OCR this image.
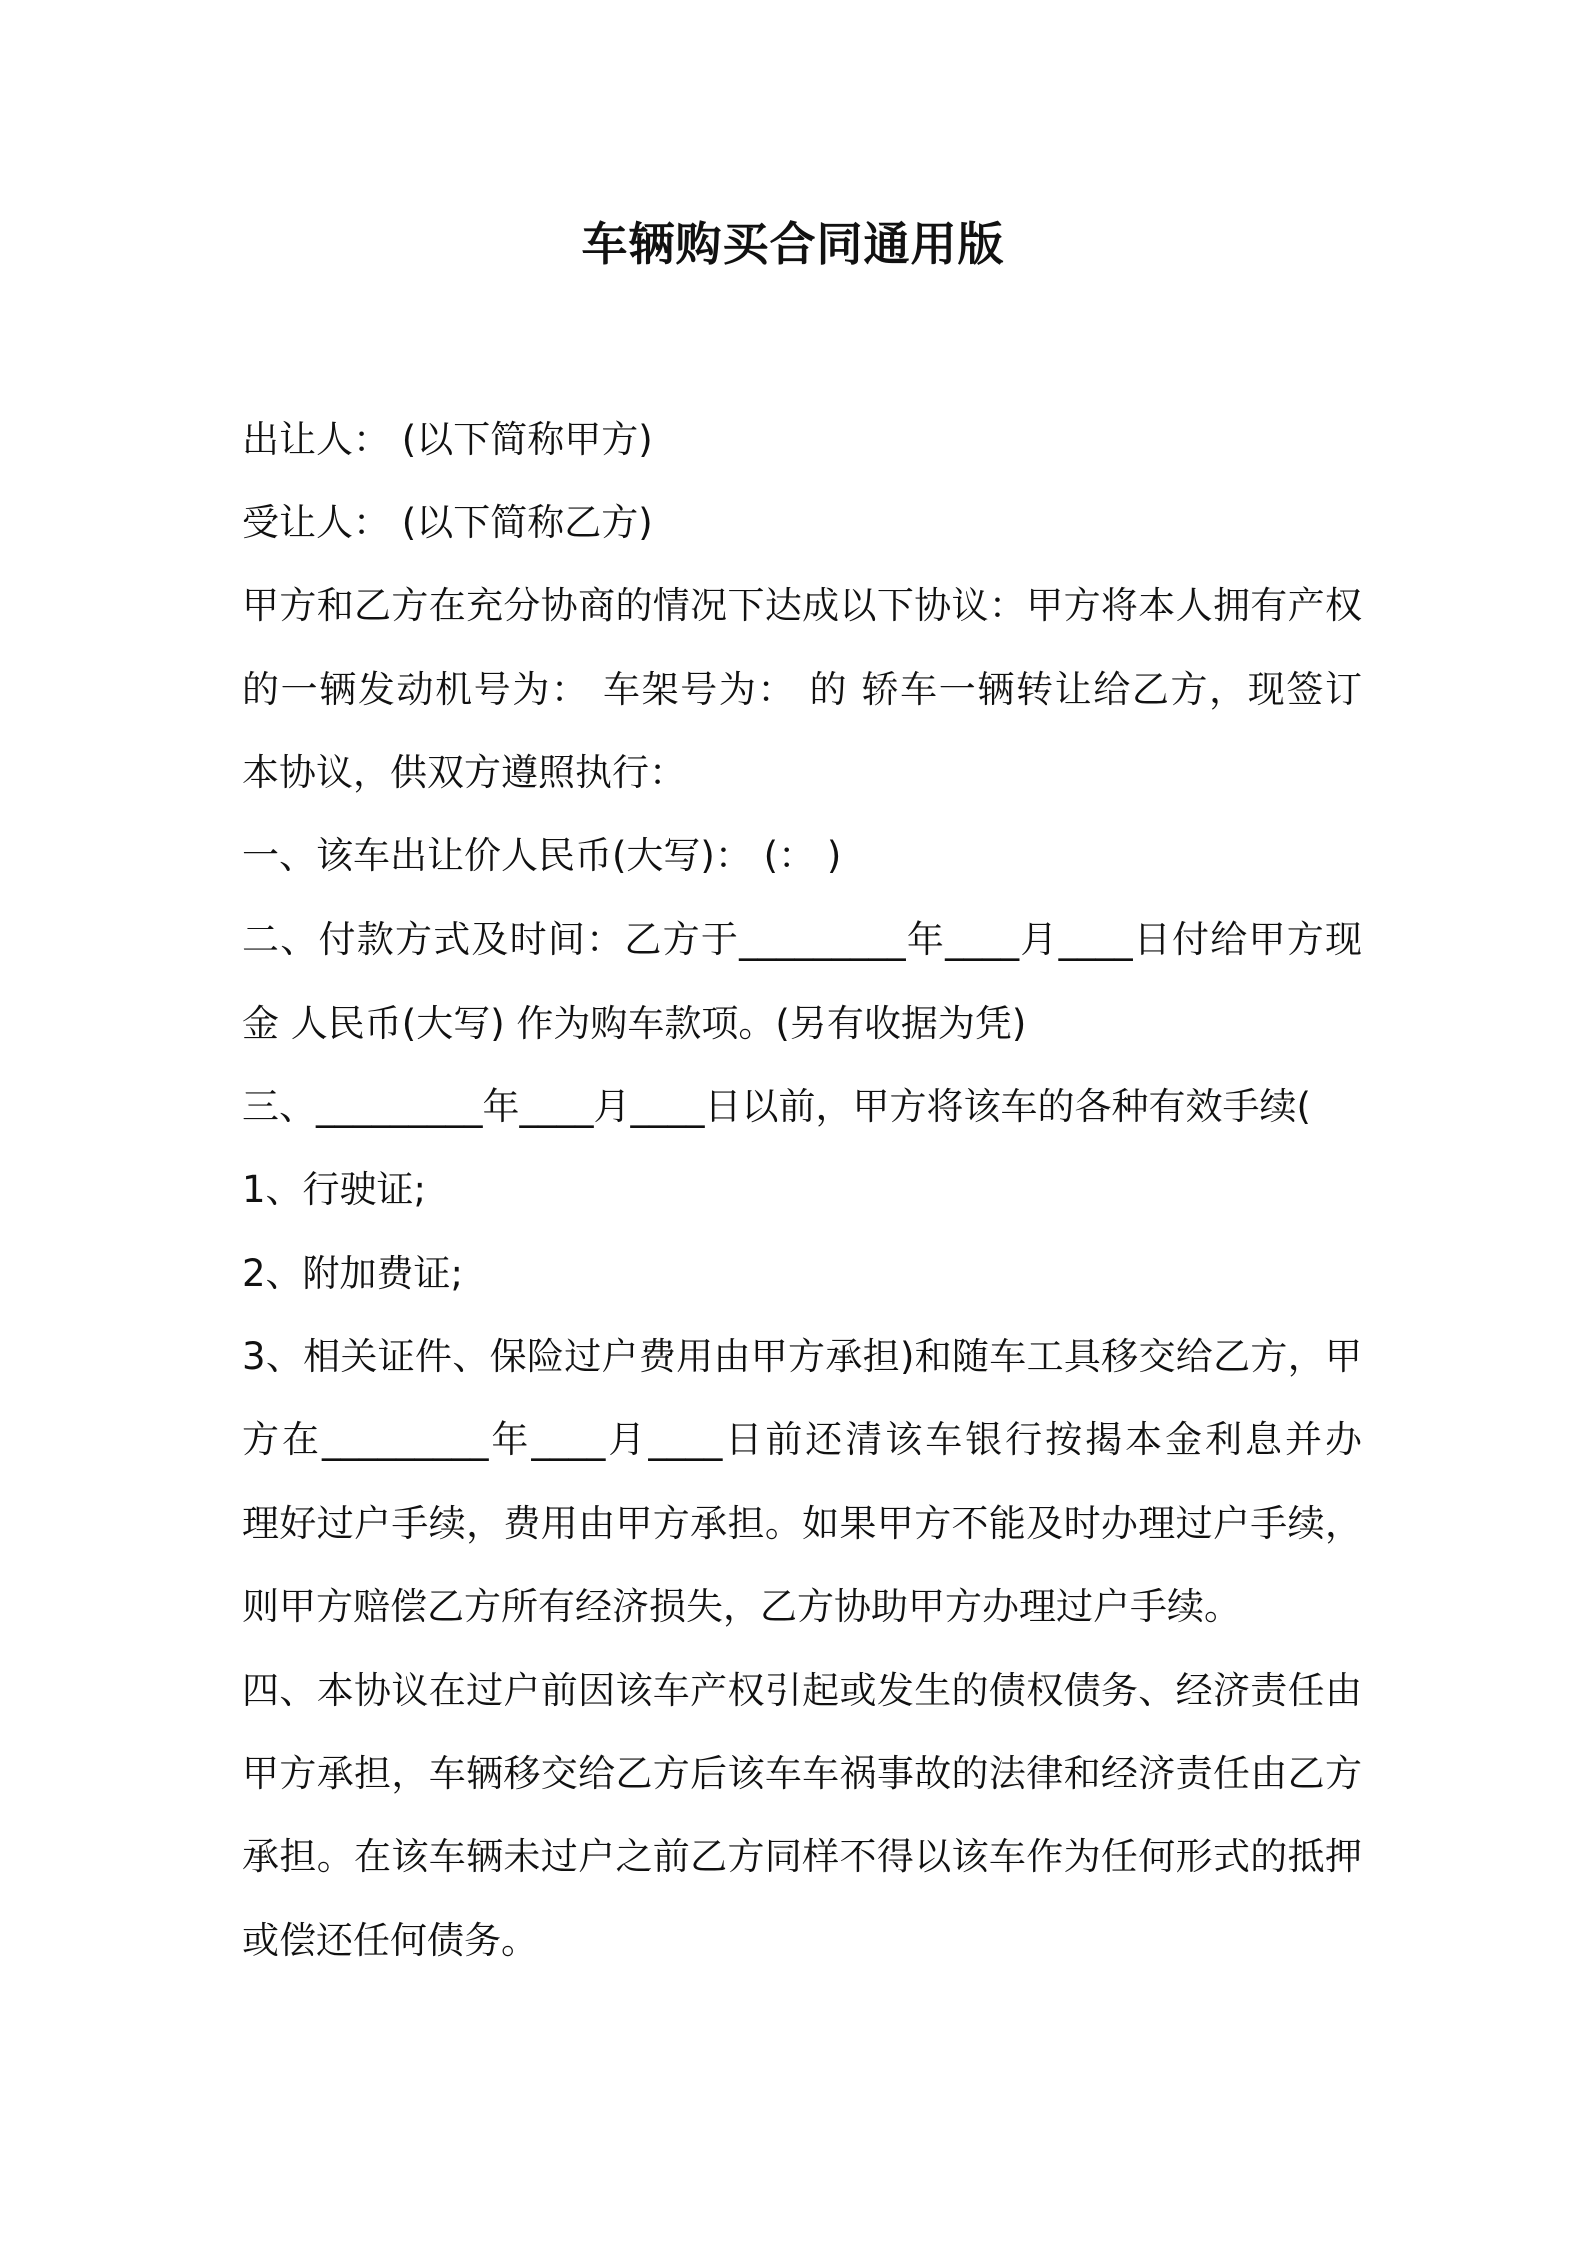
车辆购买合同通用版

出让人： (以下简称甲方)

受让人： (以下简称乙方)

甲方和乙方在充分协商的情况下达成以下协议：甲方将本人拥有产权

的一辆发动机号为： 车架号为： 的 轿车一辆转让给乙方，现签订

本协议，供双方遵照执行：

一、该车出让价人民币(大写)： (： )

二、付款方式及时间：乙方于_________年____月____日付给甲方现

金 人民币(大写) 作为购车款项。(另有收据为凭)

三、_________年____月____日以前，甲方将该车的各种有效手续(

1、行驶证;

2、附加费证;

3、相关证件、保险过户费用由甲方承担)和随车工具移交给乙方，甲

方在_________年____月____日前还清该车银行按揭本金利息并办

理好过户手续，费用由甲方承担。如果甲方不能及时办理过户手续，

则甲方赔偿乙方所有经济损失，乙方协助甲方办理过户手续。

四、本协议在过户前因该车产权引起或发生的债权债务、经济责任由

甲方承担，车辆移交给乙方后该车车祸事故的法律和经济责任由乙方

承担。在该车辆未过户之前乙方同样不得以该车作为任何形式的抵押

或偿还任何债务。
